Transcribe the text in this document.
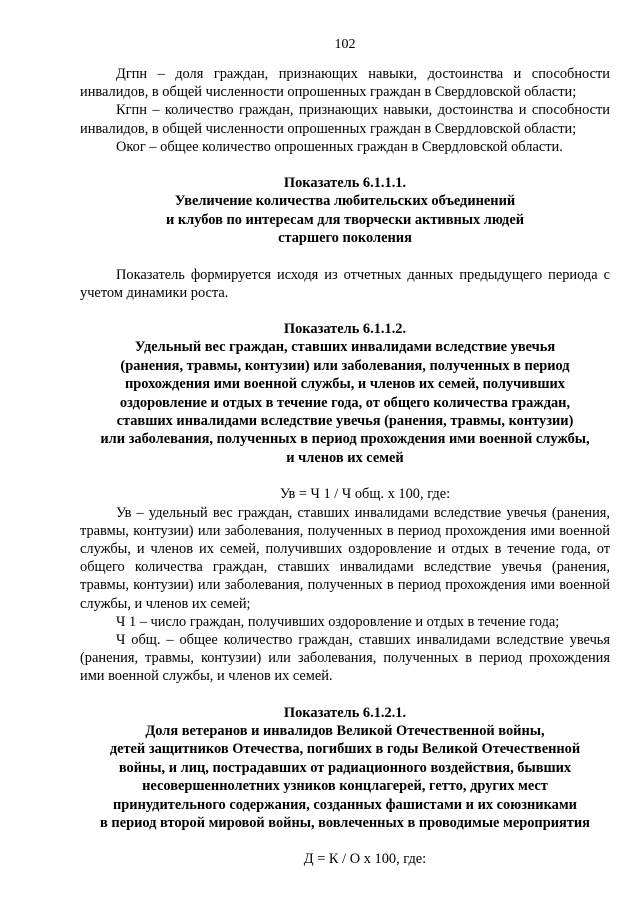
102

Дгпн – доля граждан, признающих навыки, достоинства и способности инвалидов, в общей численности опрошенных граждан в Свердловской области;

Кгпн – количество граждан, признающих навыки, достоинства и способности инвалидов, в общей численности опрошенных граждан в Свердловской области;

Оког – общее количество опрошенных граждан в Свердловской области.

Показатель 6.1.1.1.
Увеличение количества любительских объединений
и клубов по интересам для творчески активных людей
старшего поколения

Показатель формируется исходя из отчетных данных предыдущего периода с учетом динамики роста.

Показатель 6.1.1.2.
Удельный вес граждан, ставших инвалидами вследствие увечья
(ранения, травмы, контузии) или заболевания, полученных в период
прохождения ими военной службы, и членов их семей, получивших
оздоровление и отдых в течение года, от общего количества граждан,
ставших инвалидами вследствие увечья (ранения, травмы, контузии)
или заболевания, полученных в период прохождения ими военной службы,
и членов их семей

Ув = Ч 1 / Ч общ. х 100, где:

Ув – удельный вес граждан, ставших инвалидами вследствие увечья (ранения, травмы, контузии) или заболевания, полученных в период прохождения ими военной службы, и членов их семей, получивших оздоровление и отдых в течение года, от общего количества граждан, ставших инвалидами вследствие увечья (ранения, травмы, контузии) или заболевания, полученных в период прохождения ими военной службы, и членов их семей;

Ч 1 – число граждан, получивших оздоровление и отдых в течение года;

Ч общ. – общее количество граждан, ставших инвалидами вследствие увечья (ранения, травмы, контузии) или заболевания, полученных в период прохождения ими военной службы, и членов их семей.

Показатель 6.1.2.1.
Доля ветеранов и инвалидов Великой Отечественной войны,
детей защитников Отечества, погибших в годы Великой Отечественной
войны, и лиц, пострадавших от радиационного воздействия, бывших
несовершеннолетних узников концлагерей, гетто, других мест
принудительного содержания, созданных фашистами и их союзниками
в период второй мировой войны, вовлеченных в проводимые мероприятия

Д = К / О х 100, где:
